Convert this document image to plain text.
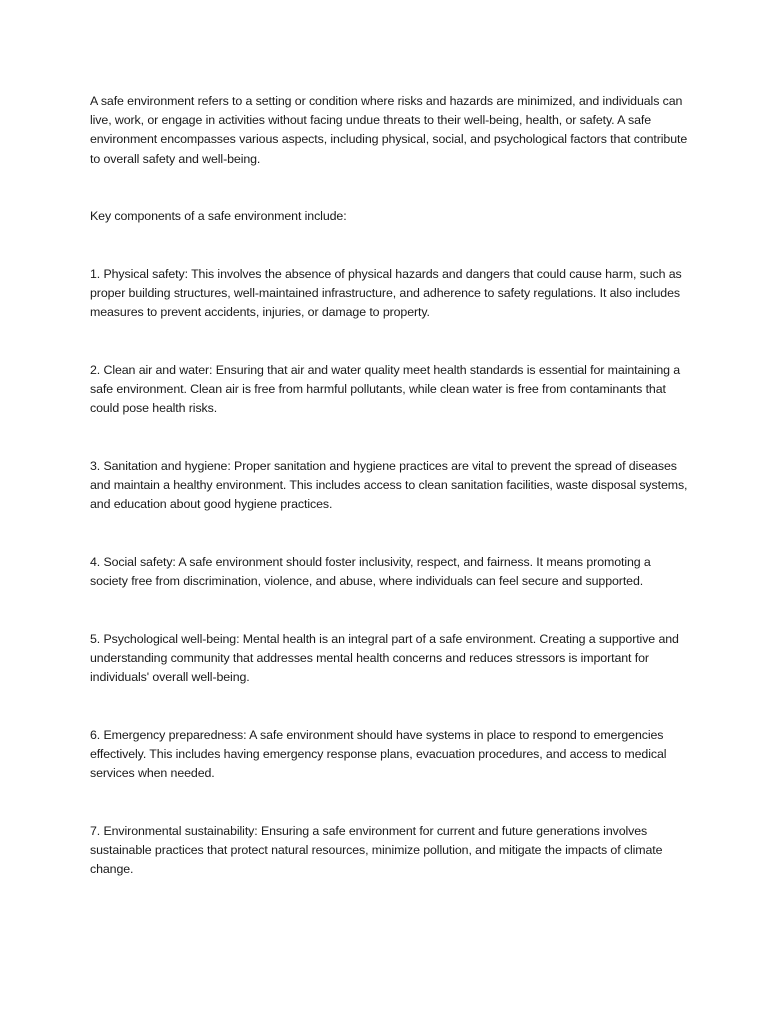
A safe environment refers to a setting or condition where risks and hazards are minimized, and individuals can live, work, or engage in activities without facing undue threats to their well-being, health, or safety. A safe environment encompasses various aspects, including physical, social, and psychological factors that contribute to overall safety and well-being.

Key components of a safe environment include:

1. Physical safety: This involves the absence of physical hazards and dangers that could cause harm, such as proper building structures, well-maintained infrastructure, and adherence to safety regulations. It also includes measures to prevent accidents, injuries, or damage to property.

2. Clean air and water: Ensuring that air and water quality meet health standards is essential for maintaining a safe environment. Clean air is free from harmful pollutants, while clean water is free from contaminants that could pose health risks.

3. Sanitation and hygiene: Proper sanitation and hygiene practices are vital to prevent the spread of diseases and maintain a healthy environment. This includes access to clean sanitation facilities, waste disposal systems, and education about good hygiene practices.

4. Social safety: A safe environment should foster inclusivity, respect, and fairness. It means promoting a society free from discrimination, violence, and abuse, where individuals can feel secure and supported.

5. Psychological well-being: Mental health is an integral part of a safe environment. Creating a supportive and understanding community that addresses mental health concerns and reduces stressors is important for individuals' overall well-being.

6. Emergency preparedness: A safe environment should have systems in place to respond to emergencies effectively. This includes having emergency response plans, evacuation procedures, and access to medical services when needed.

7. Environmental sustainability: Ensuring a safe environment for current and future generations involves sustainable practices that protect natural resources, minimize pollution, and mitigate the impacts of climate change.
